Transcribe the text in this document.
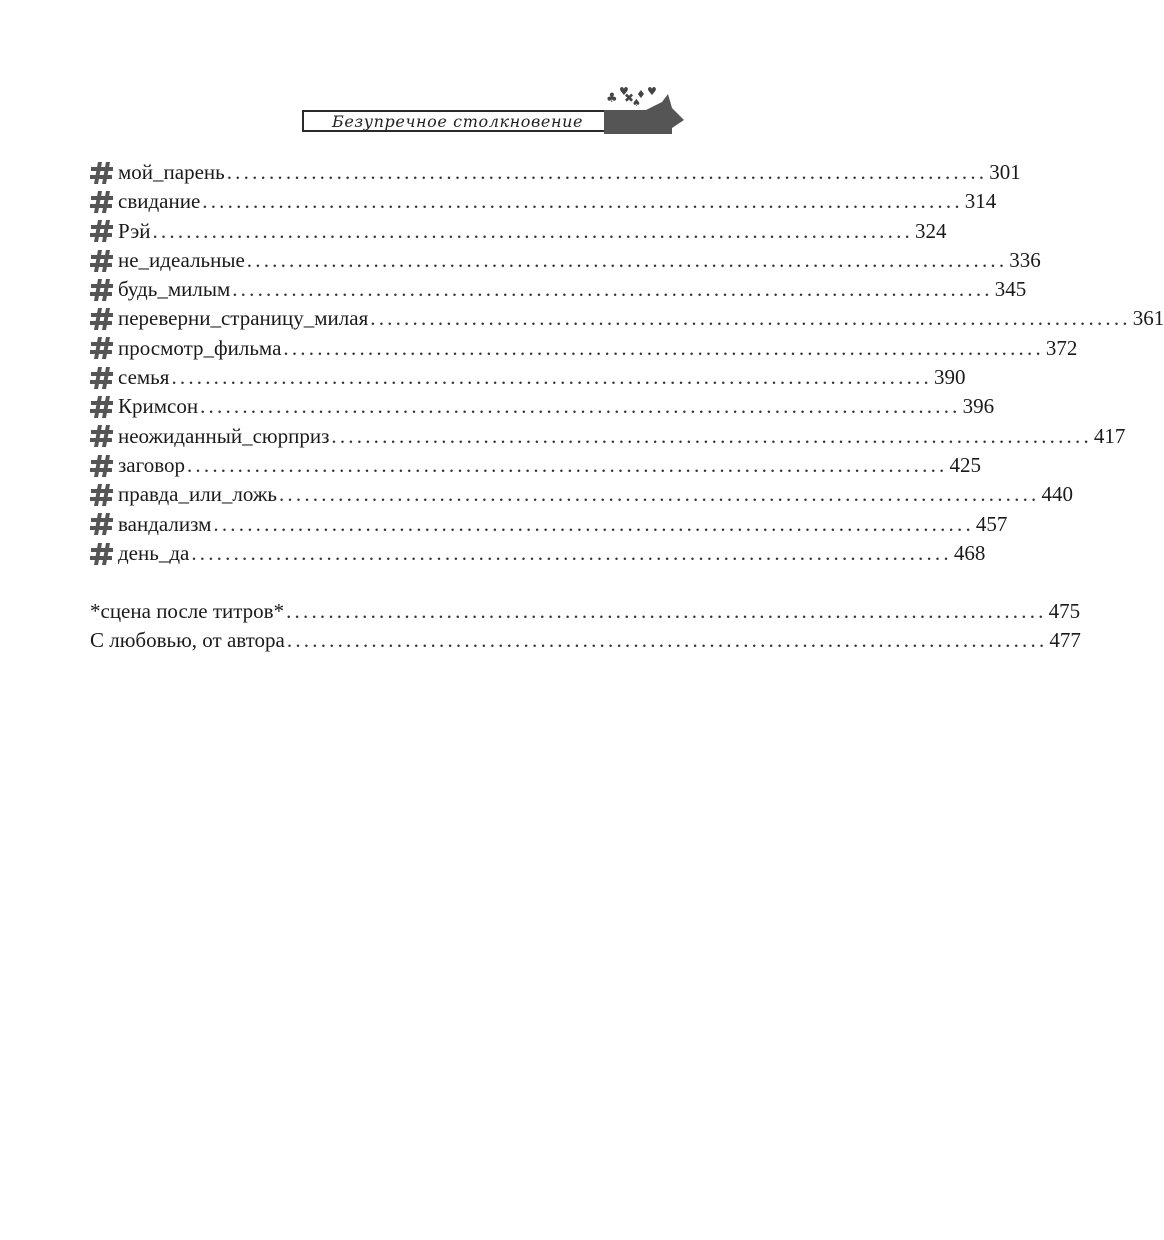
Безупречное столкновение
♣ ♥
✖ ♦ ♥
♠
мой_парень .......................................................................................... 301
свидание .......................................................................................... 314
Рэй .......................................................................................... 324
не_идеальные .......................................................................................... 336
будь_милым .......................................................................................... 345
переверни_страницу_милая .......................................................................................... 361
просмотр_фильма .......................................................................................... 372
семья .......................................................................................... 390
Кримсон .......................................................................................... 396
неожиданный_сюрприз .......................................................................................... 417
заговор .......................................................................................... 425
правда_или_ложь .......................................................................................... 440
вандализм .......................................................................................... 457
день_да .......................................................................................... 468
*сцена после титров* .......................................................................................... 475
С любовью, от автора .......................................................................................... 477
